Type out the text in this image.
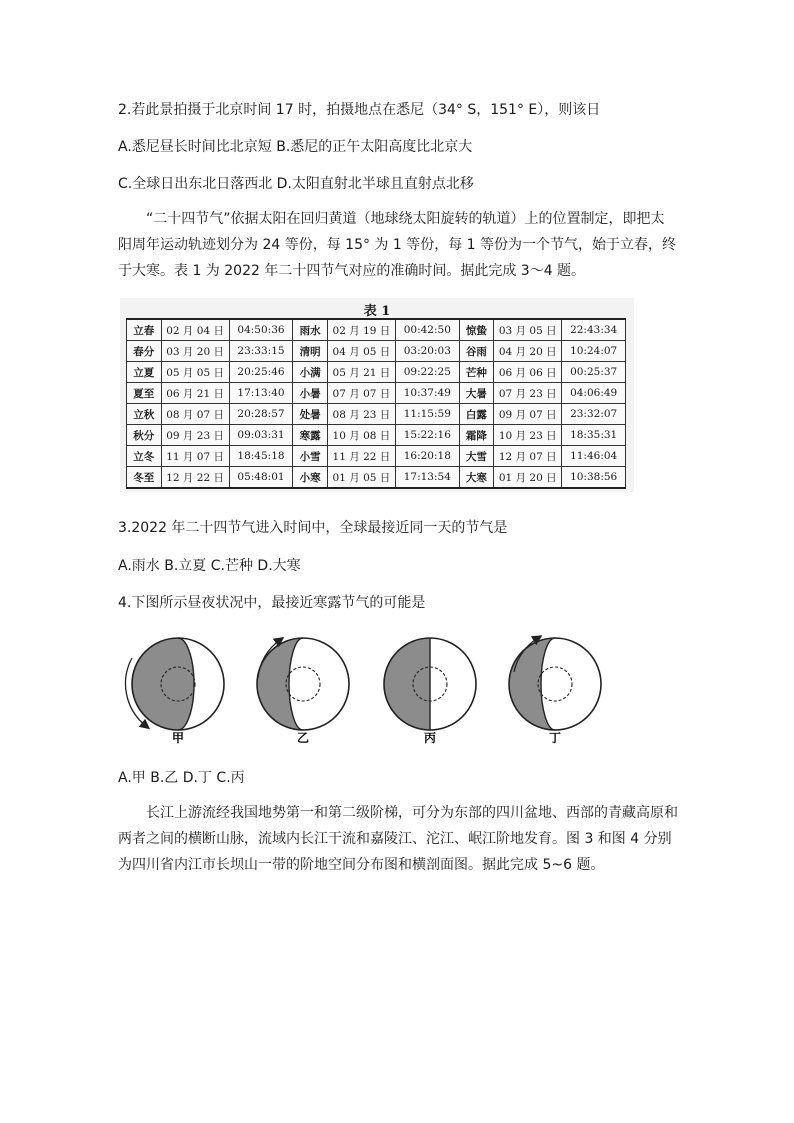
2.若此景拍摄于北京时间 17 时，拍摄地点在悉尼（34° S，151° E），则该日
A.悉尼昼长时间比北京短 B.悉尼的正午太阳高度比北京大
C.全球日出东北日落西北 D.太阳直射北半球且直射点北移
“二十四节气”依据太阳在回归黄道（地球绕太阳旋转的轨道）上的位置制定，即把太阳周年运动轨迹划分为 24 等份，每 15° 为 1 等份，每 1 等份为一个节气，始于立春，终于大寒。表 1 为 2022 年二十四节气对应的准确时间。据此完成 3～4 题。
表 1
立春	02 月 04 日	04:50:36	雨水	02 月 19 日	00:42:50	惊蛰	03 月 05 日	22:43:34
春分	03 月 20 日	23:33:15	清明	04 月 05 日	03:20:03	谷雨	04 月 20 日	10:24:07
立夏	05 月 05 日	20:25:46	小满	05 月 21 日	09:22:25	芒种	06 月 06 日	00:25:37
夏至	06 月 21 日	17:13:40	小暑	07 月 07 日	10:37:49	大暑	07 月 23 日	04:06:49
立秋	08 月 07 日	20:28:57	处暑	08 月 23 日	11:15:59	白露	09 月 07 日	23:32:07
秋分	09 月 23 日	09:03:31	寒露	10 月 08 日	15:22:16	霜降	10 月 23 日	18:35:31
立冬	11 月 07 日	18:45:18	小雪	11 月 22 日	16:20:18	大雪	12 月 07 日	11:46:04
冬至	12 月 22 日	05:48:01	小寒	01 月 05 日	17:13:54	大寒	01 月 20 日	10:38:56
3.2022 年二十四节气进入时间中，全球最接近同一天的节气是
A.雨水 B.立夏 C.芒种 D.大寒
4.下图所示昼夜状况中，最接近寒露节气的可能是
甲	乙	丙	丁
A.甲 B.乙 D.丁 C.丙
长江上游流经我国地势第一和第二级阶梯，可分为东部的四川盆地、西部的青藏高原和两者之间的横断山脉，流域内长江干流和嘉陵江、沱江、岷江阶地发育。图 3 和图 4 分别为四川省内江市长坝山一带的阶地空间分布图和横剖面图。据此完成 5~6 题。
